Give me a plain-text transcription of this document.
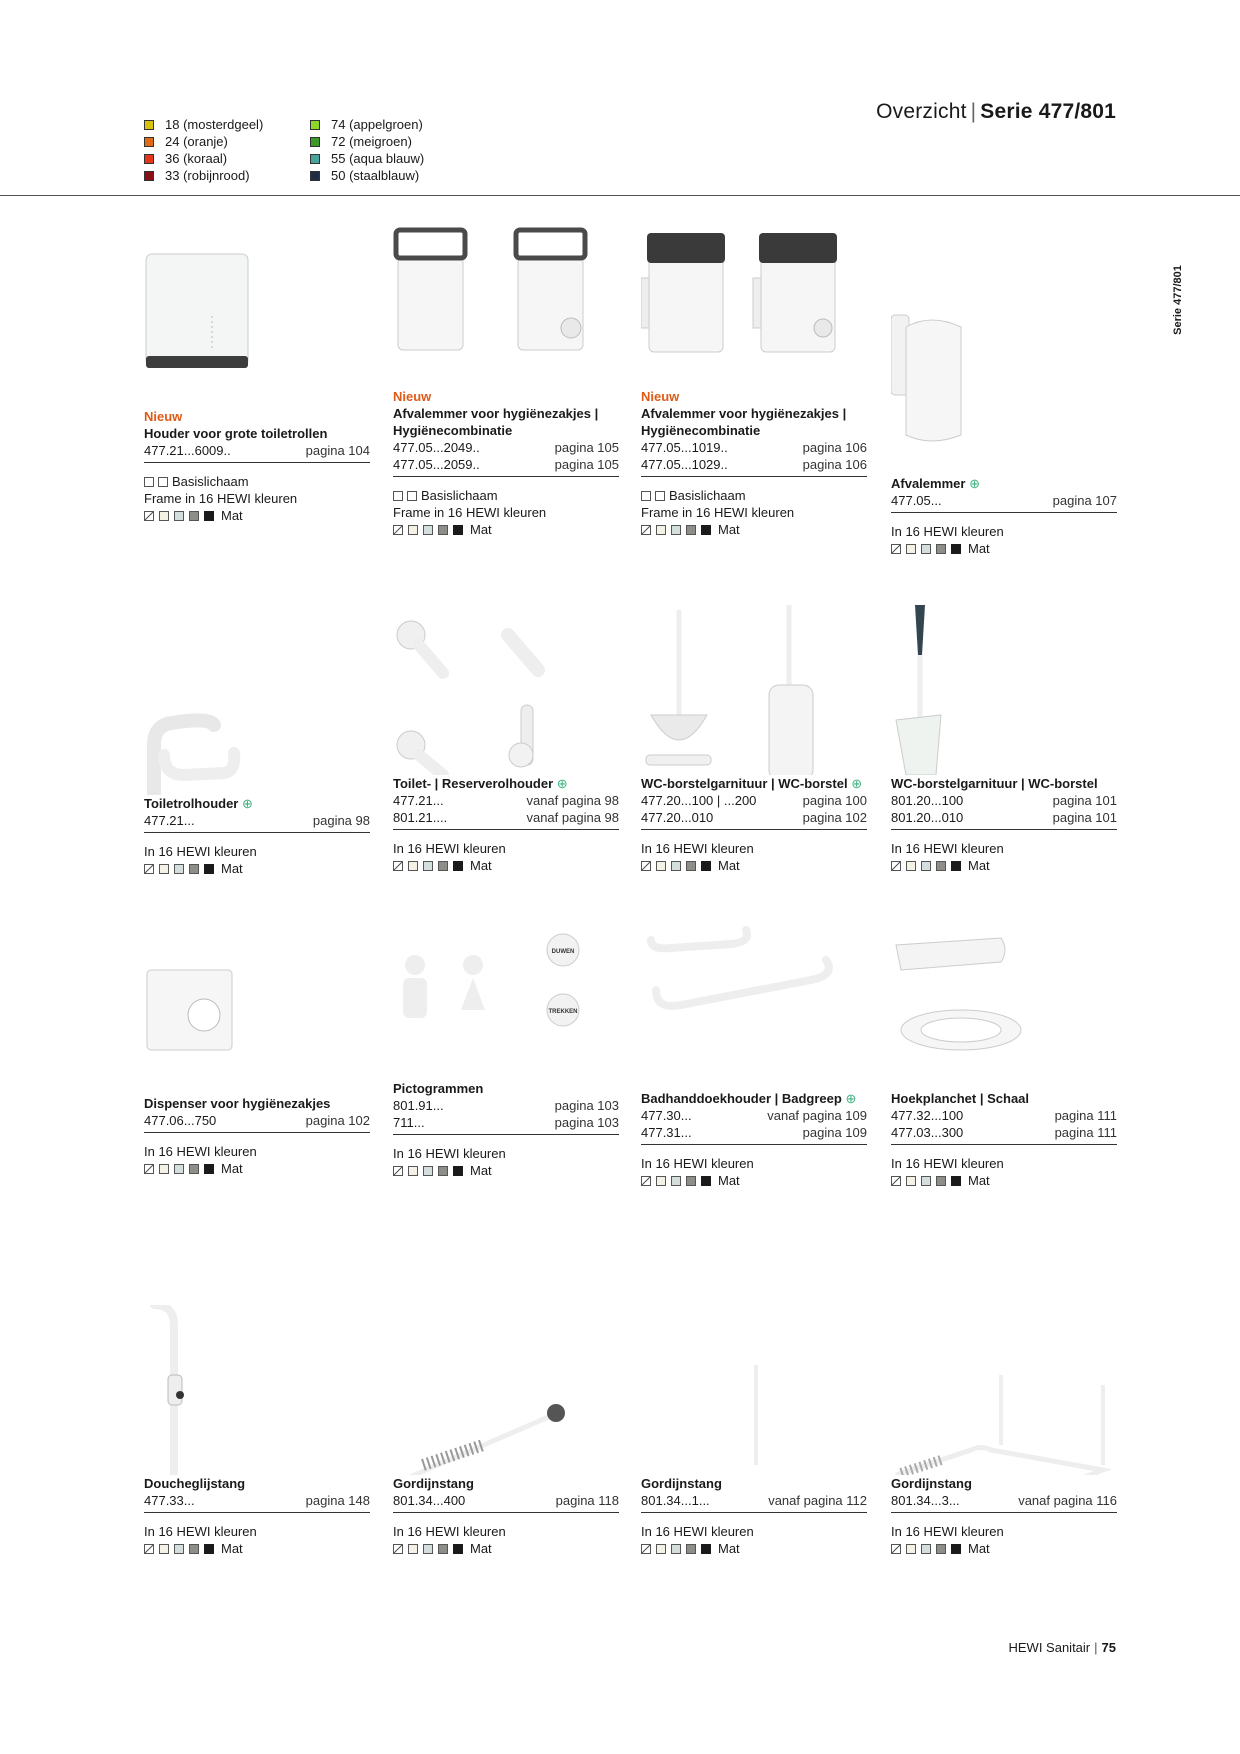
18 (mosterdgeel)
24 (oranje)
36 (koraal)
33 (robijnrood)
74 (appelgroen)
72 (meigroen)
55 (aqua blauw)
50 (staalblauw)
Overzicht | Serie 477/801
Serie 477/801
Nieuw
Houder voor grote toiletrollen
477.21...6009..	pagina 104
Basislichaam
Frame in 16 HEWI kleuren
Mat
Nieuw
Afvalemmer voor hygiënezakjes | Hygiënecombinatie
477.05...2049..	pagina 105
477.05...2059..	pagina 105
Basislichaam
Frame in 16 HEWI kleuren
Mat
Nieuw
Afvalemmer voor hygiënezakjes | Hygiënecombinatie
477.05...1019..	pagina 106
477.05...1029..	pagina 106
Basislichaam
Frame in 16 HEWI kleuren
Mat
Afvalemmer ⊕
477.05...	pagina 107
In 16 HEWI kleuren
Mat
Toiletrolhouder ⊕
477.21...	pagina 98
In 16 HEWI kleuren
Mat
Toilet- | Reserverolhouder ⊕
477.21...	vanaf pagina 98
801.21....	vanaf pagina 98
In 16 HEWI kleuren
Mat
WC-borstelgarnituur | WC-borstel ⊕
477.20...100 | ...200	pagina 100
477.20...010	pagina 102
In 16 HEWI kleuren
Mat
WC-borstelgarnituur | WC-borstel
801.20...100	pagina 101
801.20...010	pagina 101
In 16 HEWI kleuren
Mat
Dispenser voor hygiënezakjes
477.06...750	pagina 102
In 16 HEWI kleuren
Mat
DUWEN
TREKKEN
Pictogrammen
801.91...	pagina 103
711...	pagina 103
In 16 HEWI kleuren
Mat
Badhanddoekhouder | Badgreep ⊕
477.30...	vanaf pagina 109
477.31...	pagina 109
In 16 HEWI kleuren
Mat
Hoekplanchet | Schaal
477.32...100	pagina 111
477.03...300	pagina 111
In 16 HEWI kleuren
Mat
Doucheglijstang
477.33...	pagina 148
In 16 HEWI kleuren
Mat
Gordijnstang
801.34...400	pagina 118
In 16 HEWI kleuren
Mat
Gordijnstang
801.34...1...	vanaf pagina 112
In 16 HEWI kleuren
Mat
Gordijnstang
801.34...3...	vanaf pagina 116
In 16 HEWI kleuren
Mat
HEWI Sanitair | 75
